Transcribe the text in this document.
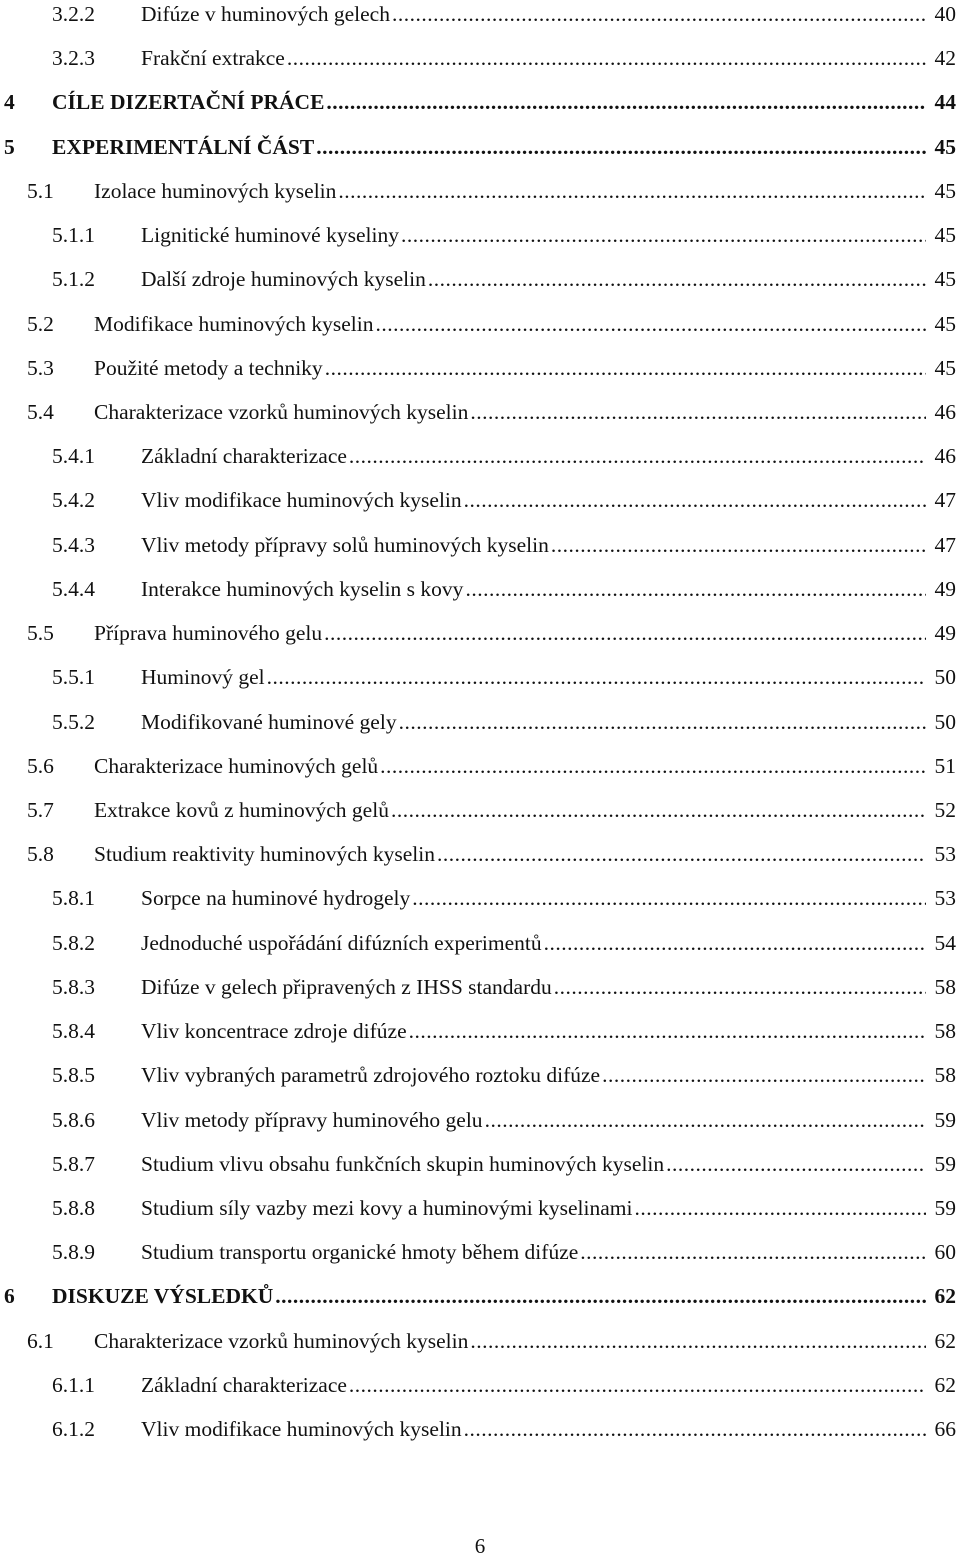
3.2.2 Difúze v huminových gelech .....	40
3.2.3 Frakční extrakce .....	42
4 CÍLE DIZERTAČNÍ PRÁCE .....	44
5 EXPERIMENTÁLNÍ ČÁST .....	45
5.1 Izolace huminových kyselin .....	45
5.1.1 Lignitické huminové kyseliny .....	45
5.1.2 Další zdroje huminových kyselin .....	45
5.2 Modifikace huminových kyselin .....	45
5.3 Použité metody a techniky .....	45
5.4 Charakterizace vzorků huminových kyselin .....	46
5.4.1 Základní charakterizace .....	46
5.4.2 Vliv modifikace huminových kyselin .....	47
5.4.3 Vliv metody přípravy solů huminových kyselin .....	47
5.4.4 Interakce huminových kyselin s kovy .....	49
5.5 Příprava huminového gelu .....	49
5.5.1 Huminový gel .....	50
5.5.2 Modifikované huminové gely .....	50
5.6 Charakterizace huminových gelů .....	51
5.7 Extrakce kovů z huminových gelů .....	52
5.8 Studium reaktivity huminových kyselin .....	53
5.8.1 Sorpce na huminové hydrogely .....	53
5.8.2 Jednoduché uspořádání difúzních experimentů .....	54
5.8.3 Difúze v gelech připravených z IHSS standardu .....	58
5.8.4 Vliv koncentrace zdroje difúze .....	58
5.8.5 Vliv vybraných parametrů zdrojového roztoku difúze .....	58
5.8.6 Vliv metody přípravy huminového gelu .....	59
5.8.7 Studium vlivu obsahu funkčních skupin huminových kyselin .....	59
5.8.8 Studium síly vazby mezi kovy a huminovými kyselinami .....	59
5.8.9 Studium transportu organické hmoty během difúze .....	60
6 DISKUZE VÝSLEDKŮ .....	62
6.1 Charakterizace vzorků huminových kyselin .....	62
6.1.1 Základní charakterizace .....	62
6.1.2 Vliv modifikace huminových kyselin .....	66
6
